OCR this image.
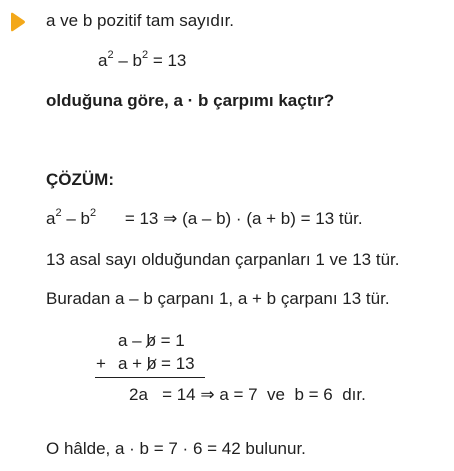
a ve b pozitif tam sayıdır.
$a^2 - b^2 = 13$
olduğuna göre, a · b çarpımı kaçtır?
ÇÖZÜM:
$a^2 - b^2 = 13$ ⇒ (a – b) · (a + b) = 13 tür.
13 asal sayı olduğundan çarpanları 1 ve 13 tür.
Buradan a – b çarpanı 1, a + b çarpanı 13 tür.
a – b = 1
+ a + b = 13
2a   = 14 ⇒ a = 7  ve  b = 6  dır.
O hâlde, a · b = 7 · 6 = 42 bulunur.
